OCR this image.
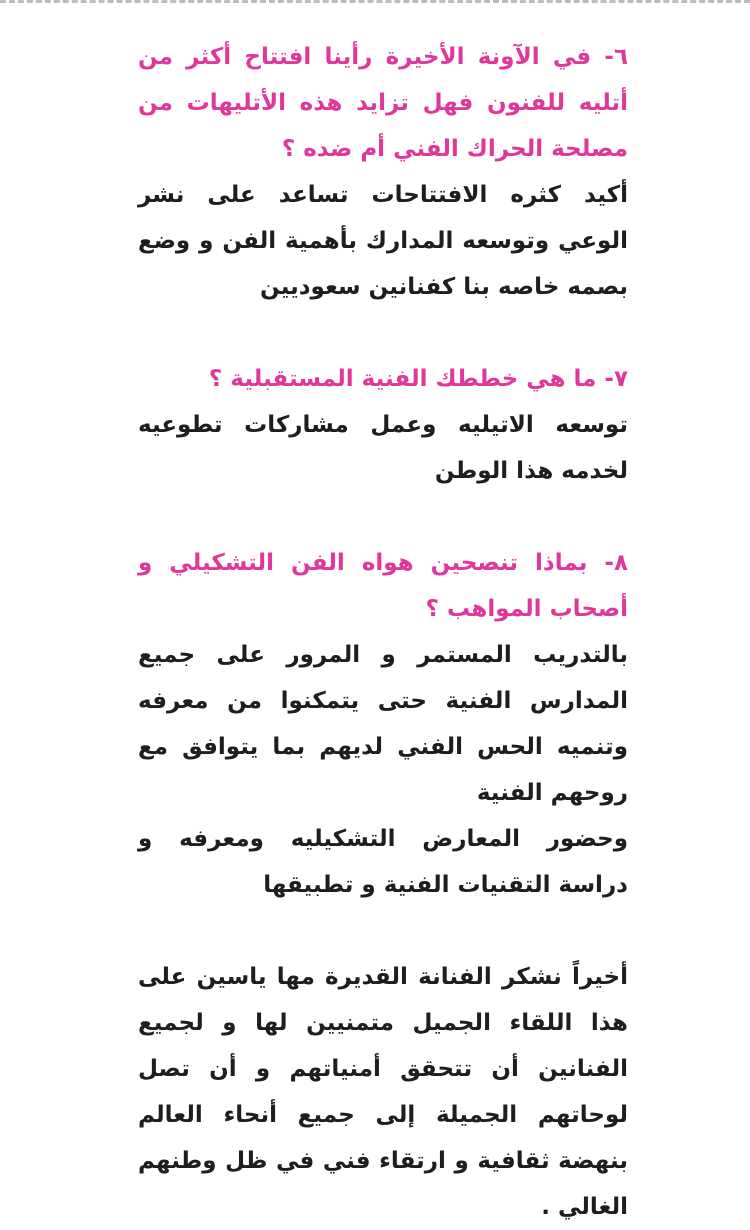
٦- في الآونة الأخيرة رأينا افتتاح أكثر من أتليه للفنون فهل تزايد هذه الأتليهات من مصلحة الحراك الفني أم ضده ؟

أكيد كثره الافتتاحات تساعد على نشر الوعي وتوسعه المدارك بأهمية الفن و وضع بصمه خاصه بنا كفنانين سعوديين

٧- ما هي خططك الفنية المستقبلية ؟

توسعه الاتيليه وعمل مشاركات تطوعيه لخدمه هذا الوطن

٨- بماذا تنصحين هواه الفن التشكيلي و أصحاب المواهب ؟

بالتدريب المستمر و المرور على جميع المدارس الفنية حتى يتمكنوا من معرفه وتنميه الحس الفني لديهم بما يتوافق مع روحهم الفنية

وحضور المعارض التشكيليه ومعرفه و دراسة التقنيات الفنية و تطبيقها

أخيراً نشكر الفنانة القديرة مها ياسين على هذا اللقاء الجميل متمنيين لها و لجميع الفنانين أن تتحقق أمنياتهم و أن تصل لوحاتهم الجميلة إلى جميع أنحاء العالم بنهضة ثقافية و ارتقاء فني في ظل وطنهم الغالي .
